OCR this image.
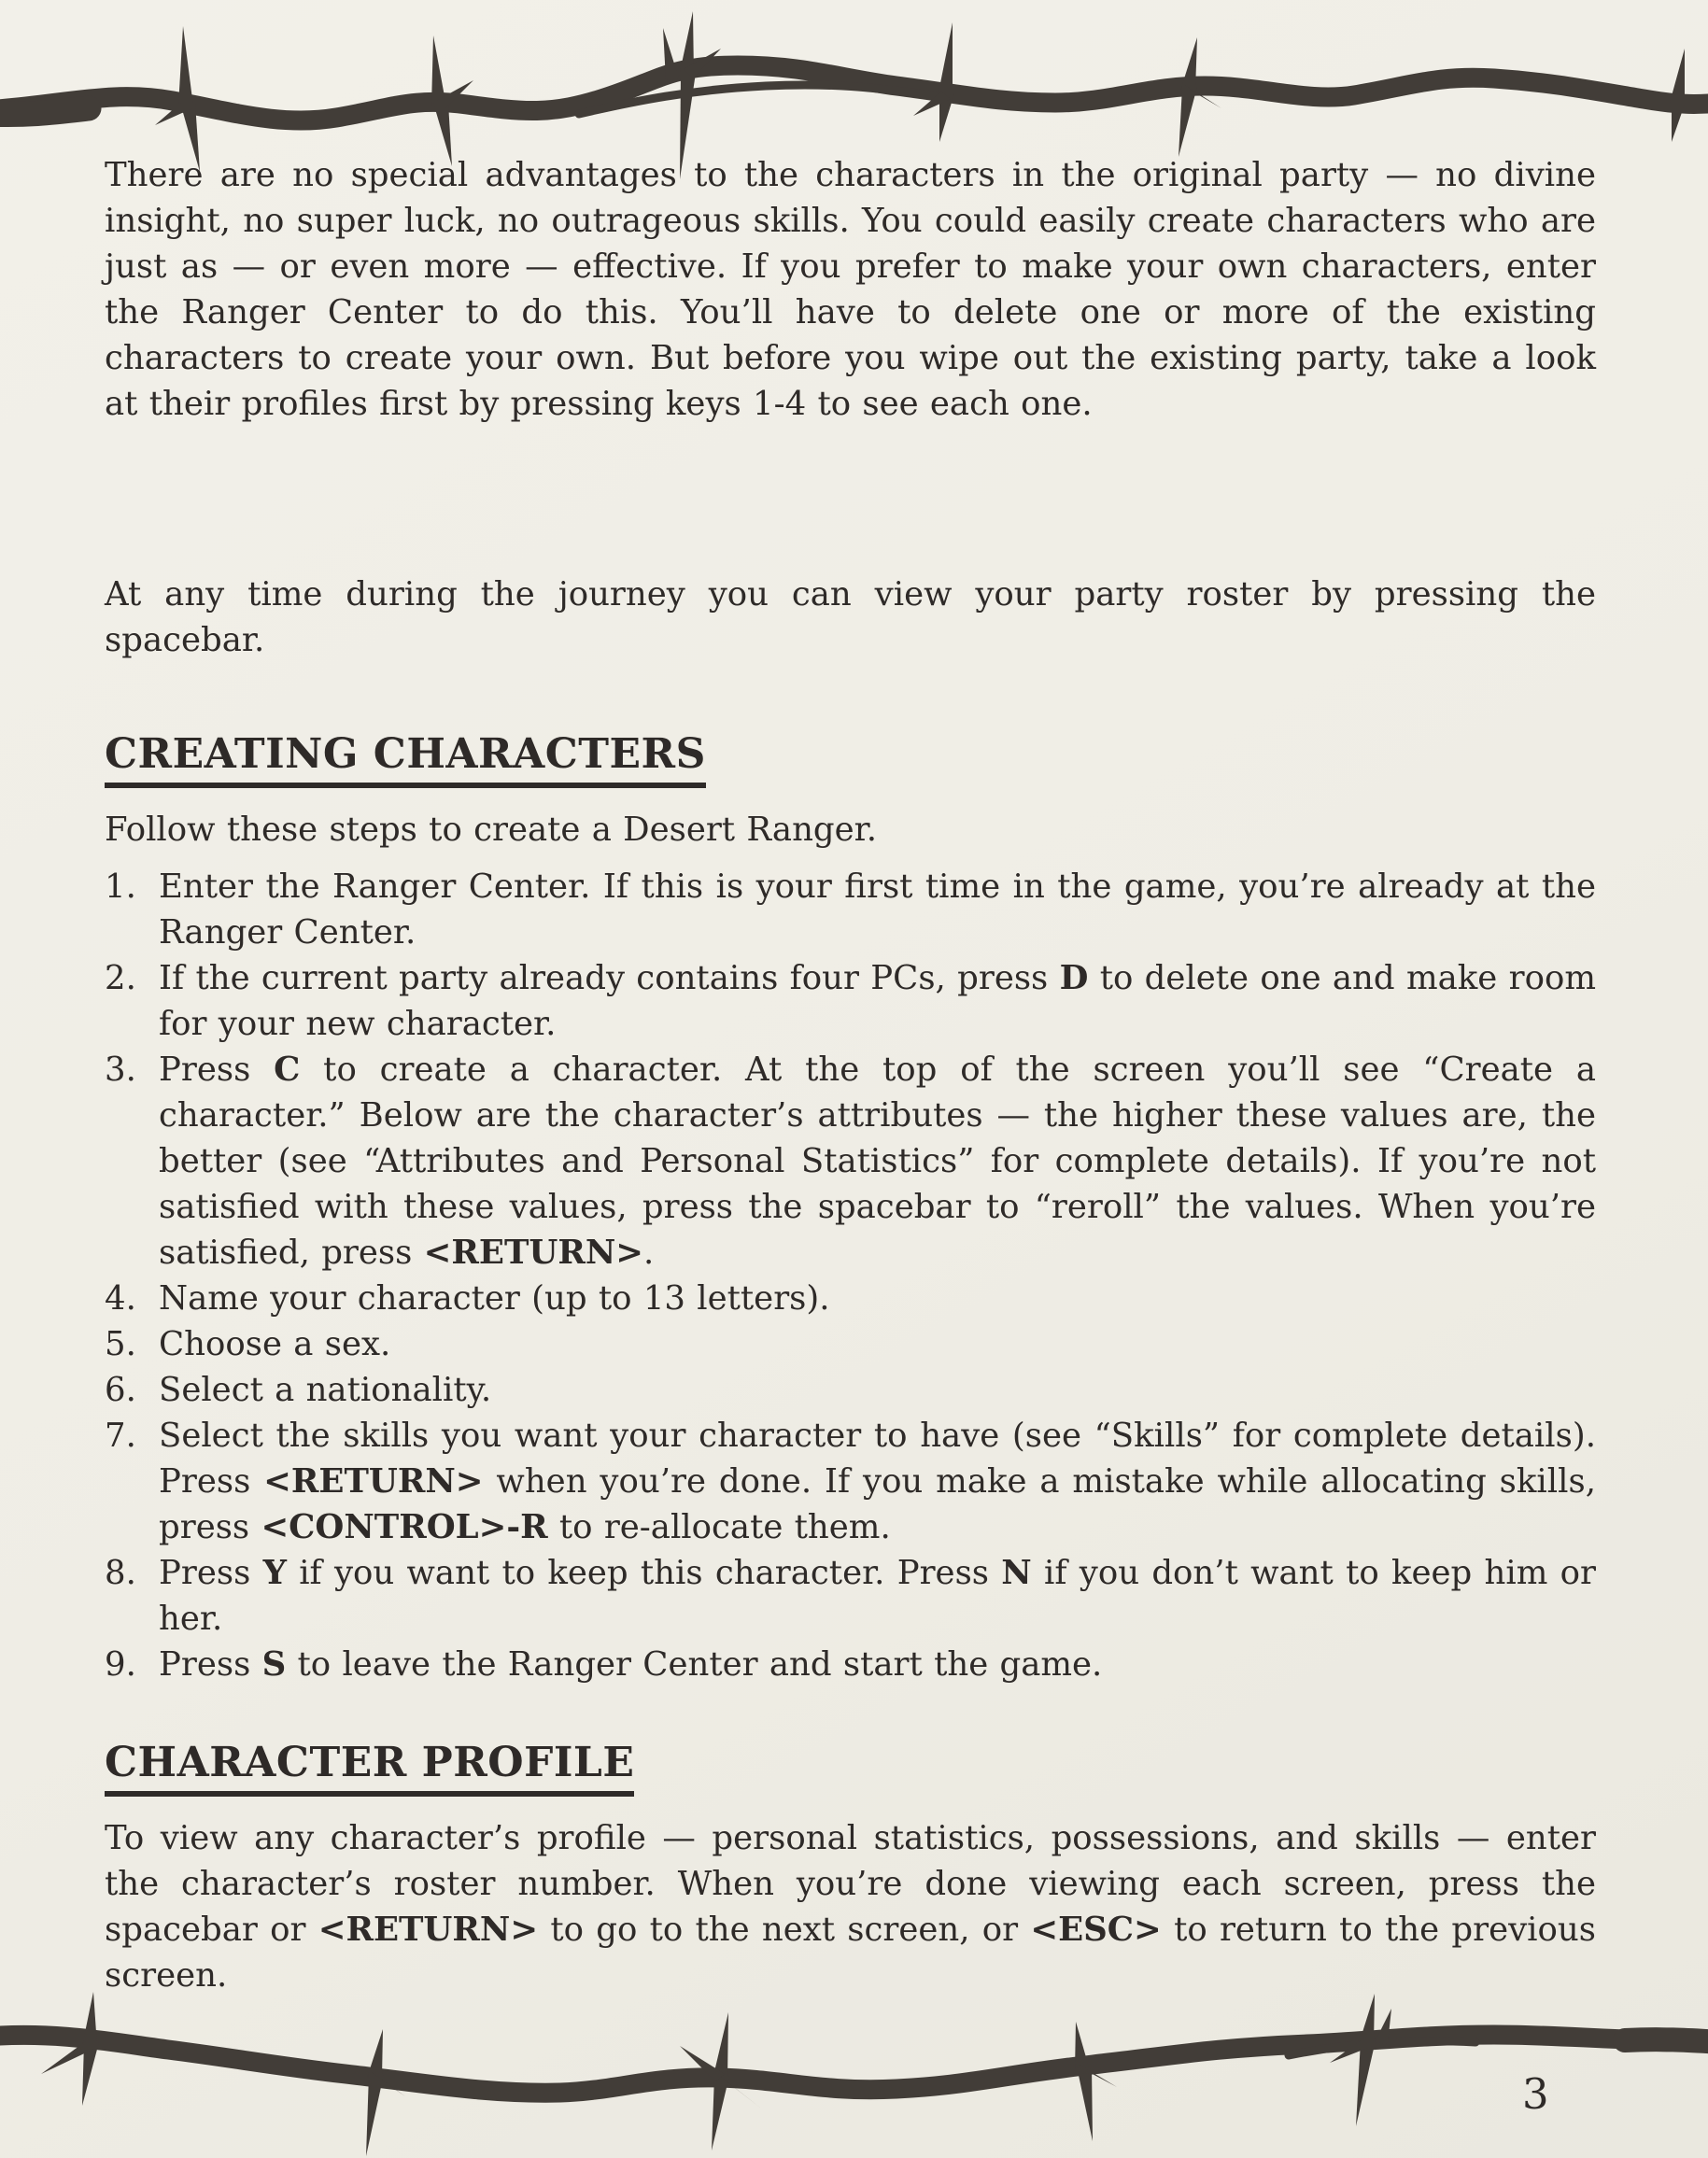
There are no special advantages to the characters in the original party — no divine insight, no super luck, no outrageous skills. You could easily create characters who are just as — or even more — effective. If you prefer to make your own characters, enter the Ranger Center to do this. You’ll have to delete one or more of the existing characters to create your own. But before you wipe out the existing party, take a look at their profiles first by pressing keys 1-4 to see each one.

At any time during the journey you can view your party roster by pressing the spacebar.

CREATING CHARACTERS

Follow these steps to create a Desert Ranger.

1. Enter the Ranger Center. If this is your first time in the game, you’re already at the Ranger Center.
2. If the current party already contains four PCs, press D to delete one and make room for your new character.
3. Press C to create a character. At the top of the screen you’ll see “Create a character.” Below are the character’s attributes — the higher these values are, the better (see “Attributes and Personal Statistics” for complete details). If you’re not satisfied with these values, press the spacebar to “reroll” the values. When you’re satisfied, press <RETURN>.
4. Name your character (up to 13 letters).
5. Choose a sex.
6. Select a nationality.
7. Select the skills you want your character to have (see “Skills” for complete details). Press <RETURN> when you’re done. If you make a mistake while allocating skills, press <CONTROL>-R to re-allocate them.
8. Press Y if you want to keep this character. Press N if you don’t want to keep him or her.
9. Press S to leave the Ranger Center and start the game.
CHARACTER PROFILE

To view any character’s profile — personal statistics, possessions, and skills — enter the character’s roster number. When you’re done viewing each screen, press the spacebar or <RETURN> to go to the next screen, or <ESC> to return to the previous screen.

3
